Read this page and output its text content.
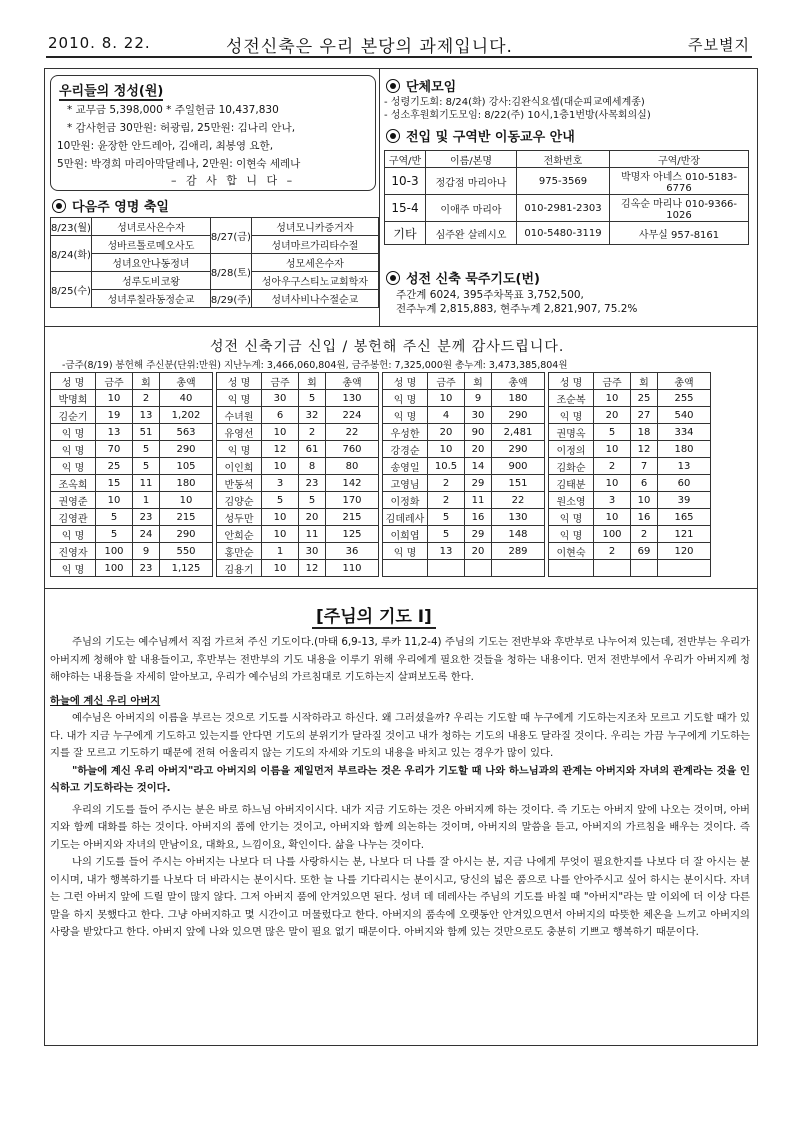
2010. 8. 22.	성전신축은 우리 본당의 과제입니다.	주보별지
우리들의 정성(원)
* 교무금 5,398,000 * 주일헌금 10,437,830
* 감사헌금 30만원: 허광림, 25만원: 김나리 안나,
10만원: 윤장한 안드레아, 김애리, 최봉영 요한,
5만원: 박경희 마리아막달레나, 2만원: 이현숙 세레나
– 감 사 합 니 다 –
다음주 영명 축일
8/23(월)	성녀로사은수자	8/27(금)	성녀모니카증거자
8/24(화)	성바르톨로메오사도		성녀마르가리타수절
	성녀요안나동정녀	8/28(토)	성모세은수자
8/25(수)	성루도비코왕		성아우구스티노교회학자
	성녀루칠라동정순교	8/29(주)	성녀사비나수절순교
단체모임
- 성령기도회: 8/24(화) 강사:김완식요셉(대순피교예세계종)
- 성소후원회기도모임: 8/22(주) 10시,1층1번방(사목회의실)
전입 및 구역반 이동교우 안내
구역/반	이름/본명	전화번호	구역/반장
10-3	정갑점 마리아나	975-3569	박명자 아네스 010-5183-6776
15-4	이애주 마리아	010-2981-2303	김옥순 마리나 010-9366-1026
기타	심주완 살레시오	010-5480-3119	사무실 957-8161
성전 신축 묵주기도(번)
주간계 6024, 395주차목표 3,752,500,
전주누계 2,815,883, 현주누계 2,821,907, 75.2%
성전 신축기금 신입 / 봉헌해 주신 분께 감사드립니다.
-금주(8/19) 봉헌해 주신분(단위:만원) 지난누계: 3,466,060,804원, 금주봉헌: 7,325,000원 총누계: 3,473,385,804원
성 명	금주	회	총액
박명희	10	2	40
김순기	19	13	1,202
익 명	13	51	563
익 명	70	5	290
익 명	25	5	105
조옥희	15	11	180
권영준	10	1	10
김영관	5	23	215
익 명	5	24	290
진영자	100	9	550
익 명	100	23	1,125
성 명	금주	회	총액
익 명	30	5	130
수녀원	6	32	224
유영선	10	2	22
익 명	12	61	760
이인희	10	8	80
반동석	3	23	142
김양순	5	5	170
성두만	10	20	215
안희순	10	11	125
홍만순	1	30	36
김용기	10	12	110
성 명	금주	회	총액
익 명	10	9	180
익 명	4	30	290
우성한	20	90	2,481
강경순	10	20	290
송영일	10.5	14	900
고영님	2	29	151
이정화	2	11	22
김데레사	5	16	130
이희엽	5	29	148
익 명	13	20	289

성 명	금주	회	총액
조순복	10	25	255
익 명	20	27	540
권명옥	5	18	334
이정의	10	12	180
김화순	2	7	13
김태분	10	6	60
원소영	3	10	39
익 명	10	16	165
익 명	100	2	121
이현숙	2	69	120

[주님의 기도 Ⅰ]

주님의 기도는 예수님께서 직접 가르쳐 주신 기도이다.(마태 6,9-13, 루카 11,2-4) 주님의 기도는 전반부와 후반부로 나누어져 있는데, 전반부는 우리가 아버지께 청해야 할 내용들이고, 후반부는 전반부의 기도 내용을 이루기 위해 우리에게 필요한 것들을 청하는 내용이다. 먼저 전반부에서 우리가 아버지께 청해야하는 내용들을 자세히 알아보고, 우리가 예수님의 가르침대로 기도하는지 살펴보도록 한다.

하늘에 계신 우리 아버지

예수님은 아버지의 이름을 부르는 것으로 기도를 시작하라고 하신다. 왜 그러셨을까? 우리는 기도할 때 누구에게 기도하는지조차 모르고 기도할 때가 있다. 내가 지금 누구에게 기도하고 있는지를 안다면 기도의 분위기가 달라질 것이고 내가 청하는 기도의 내용도 달라질 것이다. 우리는 가끔 누구에게 기도하는지를 잘 모르고 기도하기 때문에 전혀 어울리지 않는 기도의 자세와 기도의 내용을 바치고 있는 경우가 많이 있다.

"하늘에 계신 우리 아버지"라고 아버지의 이름을 제일먼저 부르라는 것은 우리가 기도할 때 나와 하느님과의 관계는 아버지와 자녀의 관계라는 것을 인식하고 기도하라는 것이다.

우리의 기도를 들어 주시는 분은 바로 하느님 아버지이시다. 내가 지금 기도하는 것은 아버지께 하는 것이다. 즉 기도는 아버지 앞에 나오는 것이며, 아버지와 함께 대화를 하는 것이다. 아버지의 품에 안기는 것이고, 아버지와 함께 의논하는 것이며, 아버지의 말씀을 듣고, 아버지의 가르침을 배우는 것이다. 즉 기도는 아버지와 자녀의 만남이요, 대화요, 느낌이요, 확인이다. 삶을 나누는 것이다.

나의 기도를 들어 주시는 아버지는 나보다 더 나를 사랑하시는 분, 나보다 더 나를 잘 아시는 분, 지금 나에게 무엇이 필요한지를 나보다 더 잘 아시는 분이시며, 내가 행복하기를 나보다 더 바라시는 분이시다. 또한 늘 나를 기다리시는 분이시고, 당신의 넓은 품으로 나를 안아주시고 싶어 하시는 분이시다. 자녀는 그런 아버지 앞에 드릴 말이 많지 않다. 그저 아버지 품에 안겨있으면 된다. 성녀 데 데레사는 주님의 기도를 바칠 때 "아버지"라는 말 이외에 더 이상 다른 말을 하지 못했다고 한다. 그냥 아버지하고 몇 시간이고 머물렀다고 한다. 아버지의 품속에 오랫동안 안겨있으면서 아버지의 따뜻한 체온을 느끼고 아버지의 사랑을 받았다고 한다. 아버지 앞에 나와 있으면 많은 말이 필요 없기 때문이다. 아버지와 함께 있는 것만으로도 충분히 기쁘고 행복하기 때문이다.
